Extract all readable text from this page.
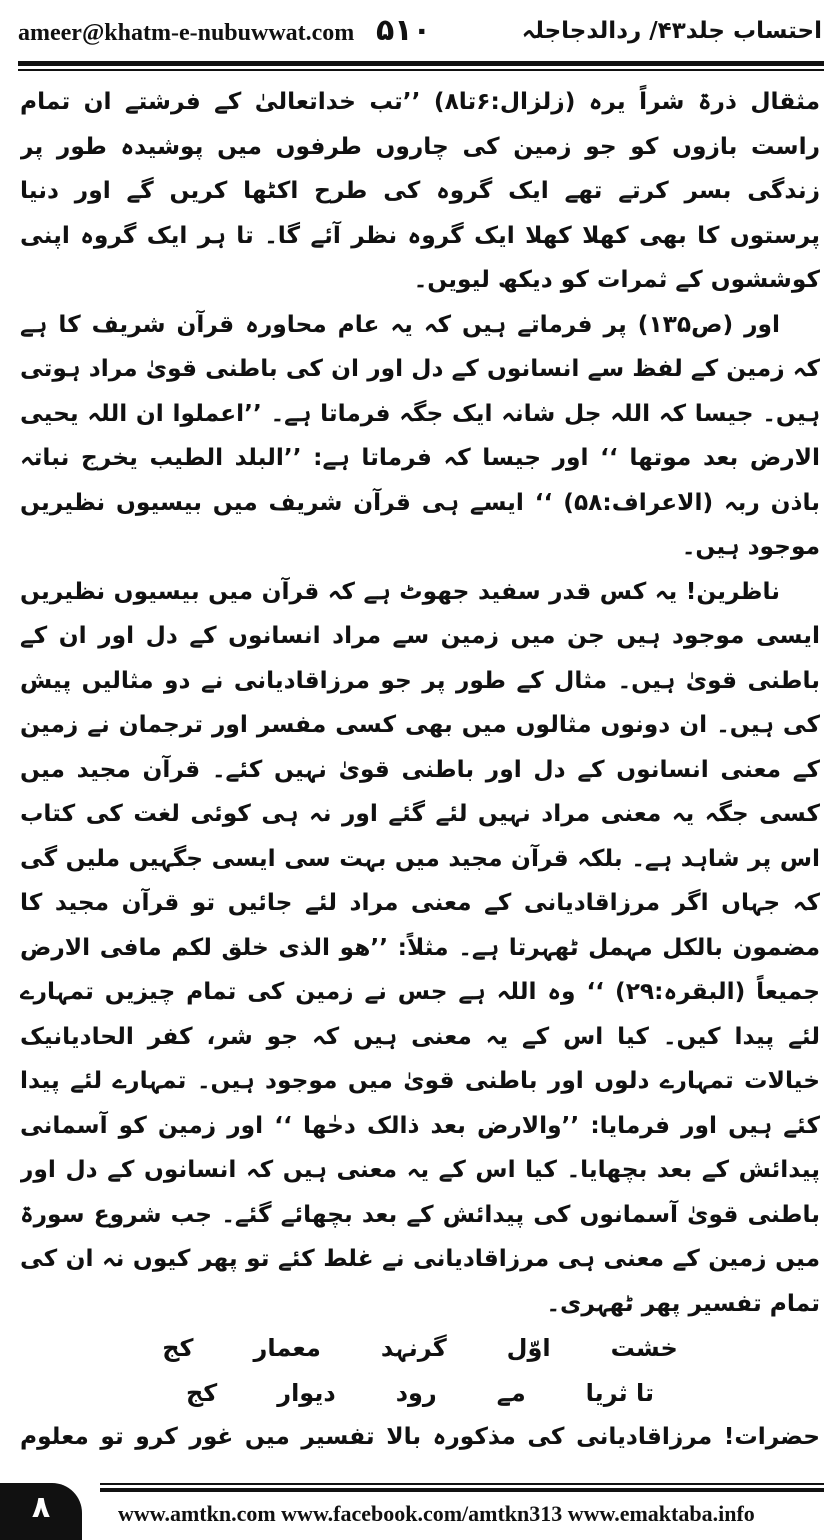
ameer@khatm-e-nubuwwat.com ۵۱۰	احتساب جلد۴۳/ ردالدجاجلہ

مثقال ذرۃ شراً یرہ (زلزال:۶تا۸) ’’تب خداتعالیٰ کے فرشتے ان تمام راست بازوں کو جو زمین کی چاروں طرفوں میں پوشیدہ طور پر زندگی بسر کرتے تھے ایک گروہ کی طرح اکٹھا کریں گے اور دنیا پرستوں کا بھی کھلا کھلا ایک گروہ نظر آئے گا۔ تا ہر ایک گروہ اپنی کوششوں کے ثمرات کو دیکھ لیویں۔

اور (ص۱۳۵) پر فرماتے ہیں کہ یہ عام محاورہ قرآن شریف کا ہے کہ زمین کے لفظ سے انسانوں کے دل اور ان کی باطنی قویٰ مراد ہوتی ہیں۔ جیسا کہ اللہ جل شانہ ایک جگہ فرماتا ہے۔ ’’اعملوا ان اللہ یحیی الارض بعد موتھا ‘‘ اور جیسا کہ فرماتا ہے: ’’البلد الطیب یخرج نباتہ باذن ربہ (الاعراف:۵۸) ‘‘ ایسے ہی قرآن شریف میں بیسیوں نظیریں موجود ہیں۔

ناظرین! یہ کس قدر سفید جھوٹ ہے کہ قرآن میں بیسیوں نظیریں ایسی موجود ہیں جن میں زمین سے مراد انسانوں کے دل اور ان کے باطنی قویٰ ہیں۔ مثال کے طور پر جو مرزاقادیانی نے دو مثالیں پیش کی ہیں۔ ان دونوں مثالوں میں بھی کسی مفسر اور ترجمان نے زمین کے معنی انسانوں کے دل اور باطنی قویٰ نہیں کئے۔ قرآن مجید میں کسی جگہ یہ معنی مراد نہیں لئے گئے اور نہ ہی کوئی لغت کی کتاب اس پر شاہد ہے۔ بلکہ قرآن مجید میں بہت سی ایسی جگہیں ملیں گی کہ جہاں اگر مرزاقادیانی کے معنی مراد لئے جائیں تو قرآن مجید کا مضمون بالکل مہمل ٹھہرتا ہے۔ مثلاً: ’’ھو الذی خلق لکم مافی الارض جمیعاً (البقرہ:۲۹) ‘‘ وہ اللہ ہے جس نے زمین کی تمام چیزیں تمہارے لئے پیدا کیں۔ کیا اس کے یہ معنی ہیں کہ جو شر، کفر الحادیانیک خیالات تمہارے دلوں اور باطنی قویٰ میں موجود ہیں۔ تمہارے لئے پیدا کئے ہیں اور فرمایا: ’’والارض بعد ذالک دحٰھا ‘‘ اور زمین کو آسمانی پیدائش کے بعد بچھایا۔ کیا اس کے یہ معنی ہیں کہ انسانوں کے دل اور باطنی قویٰ آسمانوں کی پیدائش کے بعد بچھائے گئے۔ جب شروع سورۃ میں زمین کے معنی ہی مرزاقادیانی نے غلط کئے تو پھر کیوں نہ ان کی تمام تفسیر پھر ٹھہری۔

خشت
اوّل
گرنہد
معمار
کج
تا ثریا
مے
رود
دیوار
کج

حضرات! مرزاقادیانی کی مذکورہ بالا تفسیر میں غور کرو تو معلوم

۸	www.amtkn.com www.facebook.com/amtkn313 www.emaktaba.info
